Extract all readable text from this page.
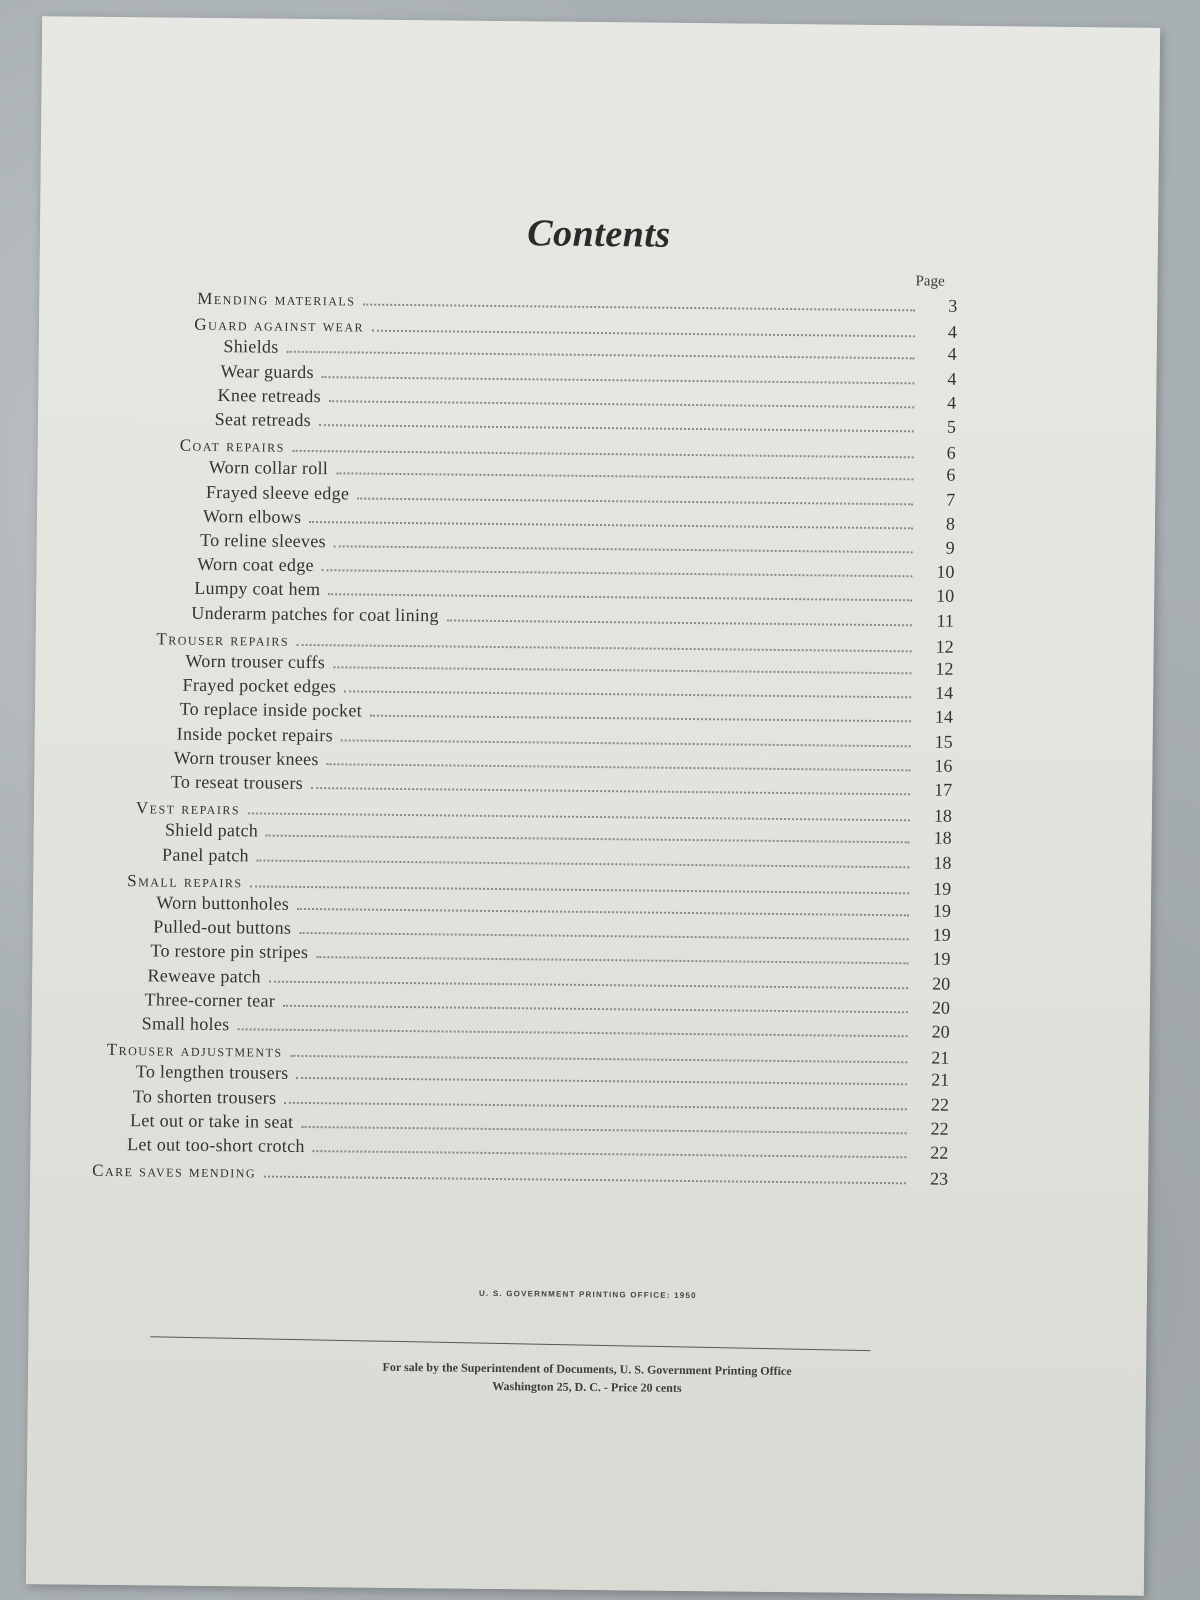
Contents
Page
Mending materials	3
Guard against wear	4
Shields	4
Wear guards	4
Knee retreads	4
Seat retreads	5
Coat repairs	6
Worn collar roll	6
Frayed sleeve edge	7
Worn elbows	8
To reline sleeves	9
Worn coat edge	10
Lumpy coat hem	10
Underarm patches for coat lining	11
Trouser repairs	12
Worn trouser cuffs	12
Frayed pocket edges	14
To replace inside pocket	14
Inside pocket repairs	15
Worn trouser knees	16
To reseat trousers	17
Vest repairs	18
Shield patch	18
Panel patch	18
Small repairs	19
Worn buttonholes	19
Pulled-out buttons	19
To restore pin stripes	19
Reweave patch	20
Three-corner tear	20
Small holes	20
Trouser adjustments	21
To lengthen trousers	21
To shorten trousers	22
Let out or take in seat	22
Let out too-short crotch	22
Care saves mending	23
U. S. GOVERNMENT PRINTING OFFICE: 1950
For sale by the Superintendent of Documents, U. S. Government Printing Office
Washington 25, D. C. - Price 20 cents
